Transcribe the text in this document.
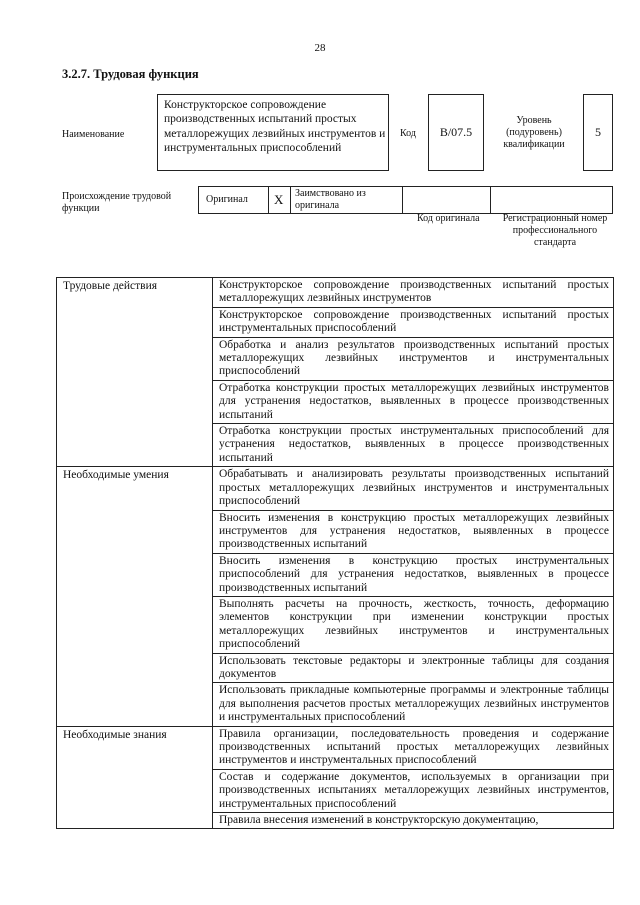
28
3.2.7. Трудовая функция
Наименование
Конструкторское сопровождение производственных испытаний простых металлорежущих лезвийных инструментов и инструментальных приспособлений
Код B/07.5
Уровень (подуровень) квалификации
5
Происхождение трудовой функции
Оригинал X Заимствовано из оригинала
Код оригинала Регистрационный номер профессионального стандарта
Трудовые действия	Конструкторское сопровождение производственных испытаний простых металлорежущих лезвийных инструментов
	Конструкторское сопровождение производственных испытаний простых инструментальных приспособлений
	Обработка и анализ результатов производственных испытаний простых металлорежущих лезвийных инструментов и инструментальных приспособлений
	Отработка конструкции простых металлорежущих лезвийных инструментов для устранения недостатков, выявленных в процессе производственных испытаний
	Отработка конструкции простых инструментальных приспособлений для устранения недостатков, выявленных в процессе производственных испытаний
Необходимые умения	Обрабатывать и анализировать результаты производственных испытаний простых металлорежущих лезвийных инструментов и инструментальных приспособлений
	Вносить изменения в конструкцию простых металлорежущих лезвийных инструментов для устранения недостатков, выявленных в процессе производственных испытаний
	Вносить изменения в конструкцию простых инструментальных приспособлений для устранения недостатков, выявленных в процессе производственных испытаний
	Выполнять расчеты на прочность, жесткость, точность, деформацию элементов конструкции при изменении конструкции простых металлорежущих лезвийных инструментов и инструментальных приспособлений
	Использовать текстовые редакторы и электронные таблицы для создания документов
	Использовать прикладные компьютерные программы и электронные таблицы для выполнения расчетов простых металлорежущих лезвийных инструментов и инструментальных приспособлений
Необходимые знания	Правила организации, последовательность проведения и содержание производственных испытаний простых металлорежущих лезвийных инструментов и инструментальных приспособлений
	Состав и содержание документов, используемых в организации при производственных испытаниях металлорежущих лезвийных инструментов, инструментальных приспособлений
	Правила внесения изменений в конструкторскую документацию,
